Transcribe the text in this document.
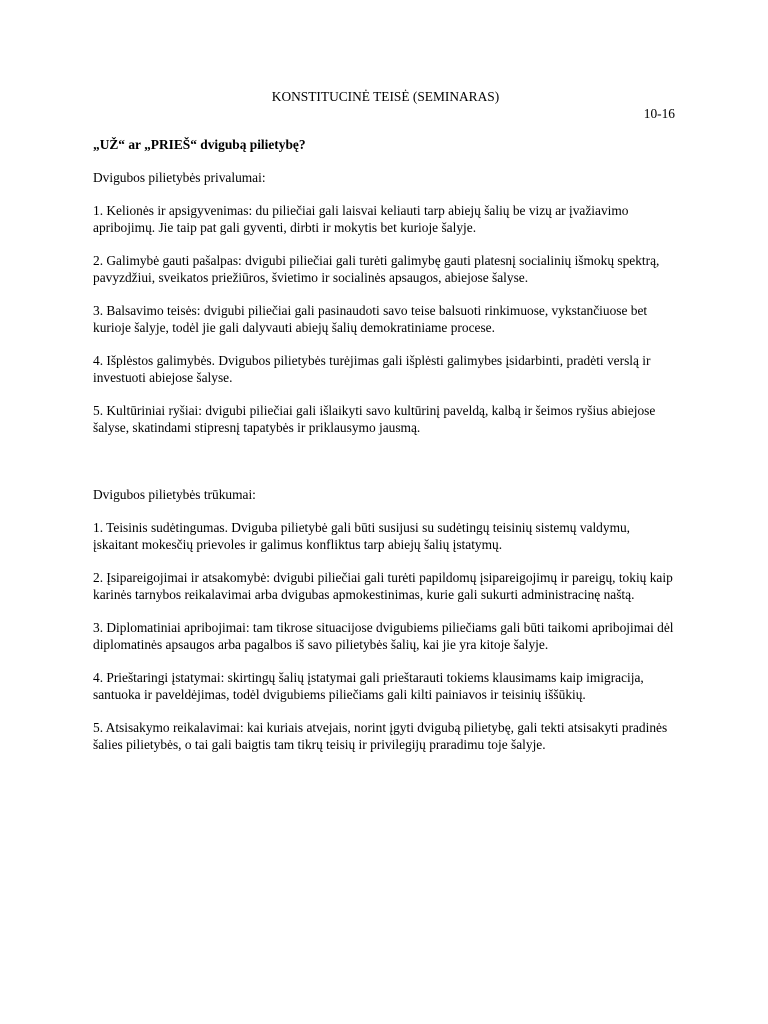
KONSTITUCINĖ TEISĖ (SEMINARAS)

10-16

„UŽ“ ar „PRIEŠ“ dvigubą pilietybę?

Dvigubos pilietybės privalumai:

1. Kelionės ir apsigyvenimas: du piliečiai gali laisvai keliauti tarp abiejų šalių be vizų ar įvažiavimo apribojimų. Jie taip pat gali gyventi, dirbti ir mokytis bet kurioje šalyje.

2. Galimybė gauti pašalpas: dvigubi piliečiai gali turėti galimybę gauti platesnį socialinių išmokų spektrą, pavyzdžiui, sveikatos priežiūros, švietimo ir socialinės apsaugos, abiejose šalyse.

3. Balsavimo teisės: dvigubi piliečiai gali pasinaudoti savo teise balsuoti rinkimuose, vykstančiuose bet kurioje šalyje, todėl jie gali dalyvauti abiejų šalių demokratiniame procese.

4. Išplėstos galimybės. Dvigubos pilietybės turėjimas gali išplėsti galimybes įsidarbinti, pradėti verslą ir investuoti abiejose šalyse.

5. Kultūriniai ryšiai: dvigubi piliečiai gali išlaikyti savo kultūrinį paveldą, kalbą ir šeimos ryšius abiejose šalyse, skatindami stipresnį tapatybės ir priklausymo jausmą.

Dvigubos pilietybės trūkumai:

1. Teisinis sudėtingumas. Dviguba pilietybė gali būti susijusi su sudėtingų teisinių sistemų valdymu, įskaitant mokesčių prievoles ir galimus konfliktus tarp abiejų šalių įstatymų.

2. Įsipareigojimai ir atsakomybė: dvigubi piliečiai gali turėti papildomų įsipareigojimų ir pareigų, tokių kaip karinės tarnybos reikalavimai arba dvigubas apmokestinimas, kurie gali sukurti administracinę naštą.

3. Diplomatiniai apribojimai: tam tikrose situacijose dvigubiems piliečiams gali būti taikomi apribojimai dėl diplomatinės apsaugos arba pagalbos iš savo pilietybės šalių, kai jie yra kitoje šalyje.

4. Prieštaringi įstatymai: skirtingų šalių įstatymai gali prieštarauti tokiems klausimams kaip imigracija, santuoka ir paveldėjimas, todėl dvigubiems piliečiams gali kilti painiavos ir teisinių iššūkių.

5. Atsisakymo reikalavimai: kai kuriais atvejais, norint įgyti dvigubą pilietybę, gali tekti atsisakyti pradinės šalies pilietybės, o tai gali baigtis tam tikrų teisių ir privilegijų praradimu toje šalyje.
